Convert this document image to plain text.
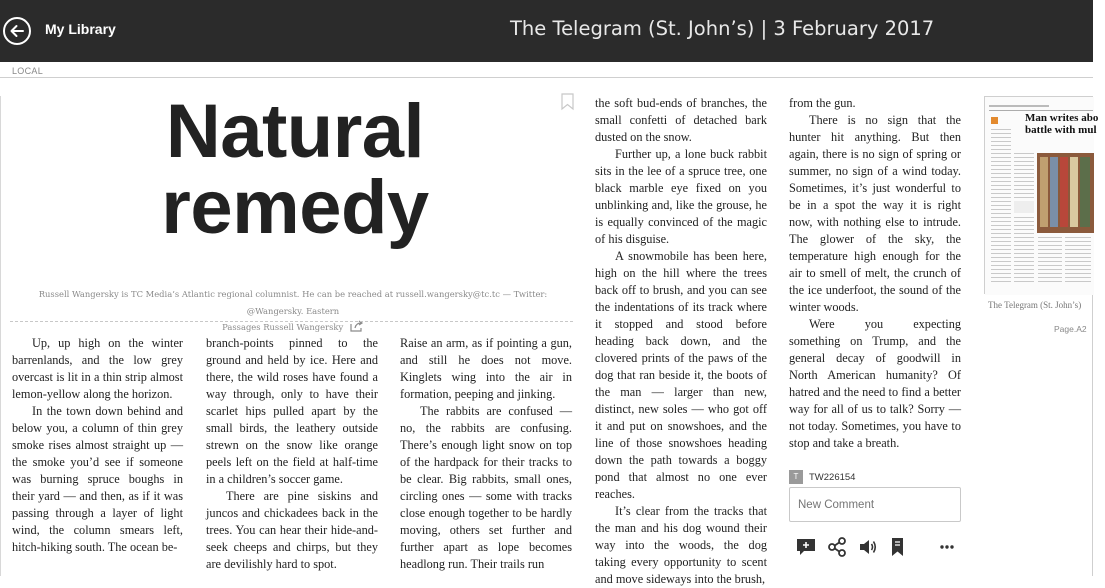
My Library	The Telegram (St. John’s) | 3 February 2017
LOCAL
Natural
remedy
Russell Wangersky is TC Media’s Atlantic regional columnist. He can be reached at russell.wangersky@tc.tc — Twitter: @Wangersky. Eastern
Passages Russell Wangersky

Up, up high on the winter barrenlands, and the low grey overcast is lit in a thin strip almost lemon-yellow along the horizon.

In the town down behind and below you, a column of thin grey smoke rises almost straight up — the smoke you’d see if someone was burning spruce boughs in their yard — and then, as if it was passing through a layer of light wind, the column smears left, hitch-hiking south. The ocean be-

branch-points pinned to the ground and held by ice. Here and there, the wild roses have found a way through, only to have their scarlet hips pulled apart by the small birds, the leathery outside strewn on the snow like orange peels left on the field at half-time in a children’s soccer game.

There are pine siskins and juncos and chickadees back in the trees. You can hear their hide-and-seek cheeps and chirps, but they are devilishly hard to spot.

Raise an arm, as if pointing a gun, and still he does not move. Kinglets wing into the air in formation, peeping and jinking.

The rabbits are confused — no, the rabbits are confusing. There’s enough light snow on top of the hardpack for their tracks to be clear. Big rabbits, small ones, circling ones — some with tracks close enough together to be hardly moving, others set further and further apart as lope becomes headlong run. Their trails run

the soft bud-ends of branches, the small confetti of detached bark dusted on the snow.

Further up, a lone buck rabbit sits in the lee of a spruce tree, one black marble eye fixed on you unblinking and, like the grouse, he is equally convinced of the magic of his disguise.

A snowmobile has been here, high on the hill where the trees back off to brush, and you can see the indentations of its track where it stopped and stood before heading back down, and the clovered prints of the paws of the dog that ran beside it, the boots of the man — larger than new, distinct, new soles — who got off it and put on snowshoes, and the line of those snowshoes heading down the path towards a boggy pond that almost no one ever reaches.

It’s clear from the tracks that the man and his dog wound their way into the woods, the dog taking every opportunity to scent and move sideways into the brush,

from the gun.

There is no sign that the hunter hit anything. But then again, there is no sign of spring or summer, no sign of a wind today. Sometimes, it’s just wonderful to be in a spot the way it is right now, with nothing else to intrude. The glower of the sky, the temperature high enough for the air to smell of melt, the crunch of the ice underfoot, the sound of the winter woods.

Were you expecting something on Trump, and the general decay of goodwill in North American humanity? Of hatred and the need to find a better way for all of us to talk? Sorry — not today. Sometimes, you have to stop and take a breath.

T	TW226154
New Comment
Man writes abo battle with mul
The Telegram (St. John’s)
Page.A2
